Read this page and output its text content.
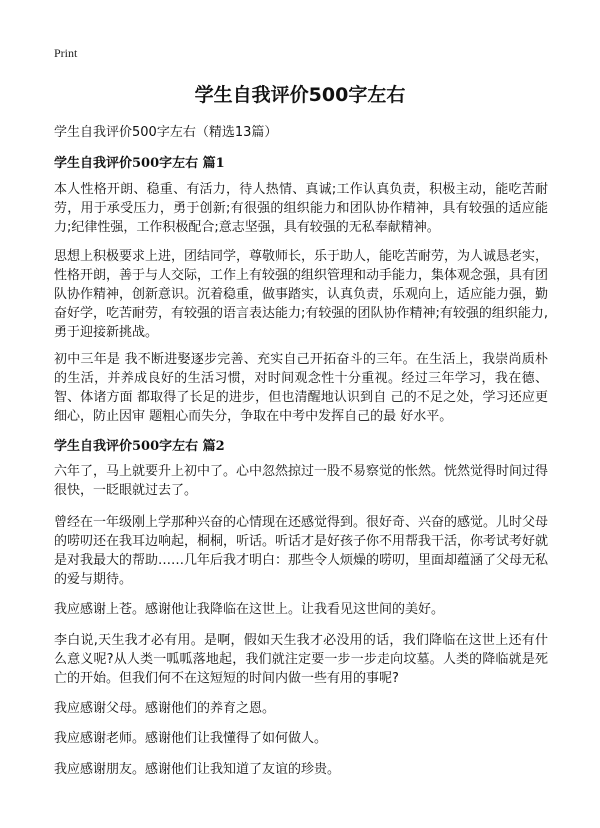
Print
学生自我评价500字左右
学生自我评价500字左右（精选13篇）
学生自我评价500字左右 篇1
本人性格开朗、稳重、有活力，待人热情、真诚;工作认真负责，积极主动，能吃苦耐劳，用于承受压力，勇于创新;有很强的组织能力和团队协作精神，具有较强的适应能力;纪律性强，工作积极配合;意志坚强，具有较强的无私奉献精神。
思想上积极要求上进，团结同学，尊敬师长，乐于助人，能吃苦耐劳，为人诚恳老实，性格开朗，善于与人交际，工作上有较强的组织管理和动手能力，集体观念强，具有团队协作精神，创新意识。沉着稳重，做事踏实，认真负责，乐观向上，适应能力强，勤奋好学，吃苦耐劳，有较强的语言表达能力;有较强的团队协作精神;有较强的组织能力,勇于迎接新挑战。
初中三年是 我不断进娶逐步完善、充实自己开拓奋斗的三年。在生活上，我崇尚质朴的生活，并养成良好的生活习惯，对时间观念性十分重视。经过三年学习，我在德、智、体诸方面 都取得了长足的进步，但也清醒地认识到自 己的不足之处，学习还应更细心，防止因审 题粗心而失分，争取在中考中发挥自己的最 好水平。
学生自我评价500字左右 篇2
六年了，马上就要升上初中了。心中忽然掠过一股不易察觉的怅然。恍然觉得时间过得很快，一眨眼就过去了。
曾经在一年级刚上学那种兴奋的心情现在还感觉得到。很好奇、兴奋的感觉。儿时父母的唠叨还在我耳边响起，桐桐，听话。听话才是好孩子你不用帮我干活，你考试考好就是对我最大的帮助……几年后我才明白：那些令人烦燥的唠叨，里面却蕴涵了父母无私的爱与期待。
我应感谢上苍。感谢他让我降临在这世上。让我看见这世间的美好。
李白说,天生我才必有用。是啊，假如天生我才必没用的话，我们降临在这世上还有什么意义呢?从人类一呱呱落地起，我们就注定要一步一步走向坟墓。人类的降临就是死亡的开始。但我们何不在这短短的时间内做一些有用的事呢?
我应感谢父母。感谢他们的养育之恩。
我应感谢老师。感谢他们让我懂得了如何做人。
我应感谢朋友。感谢他们让我知道了友谊的珍贵。
